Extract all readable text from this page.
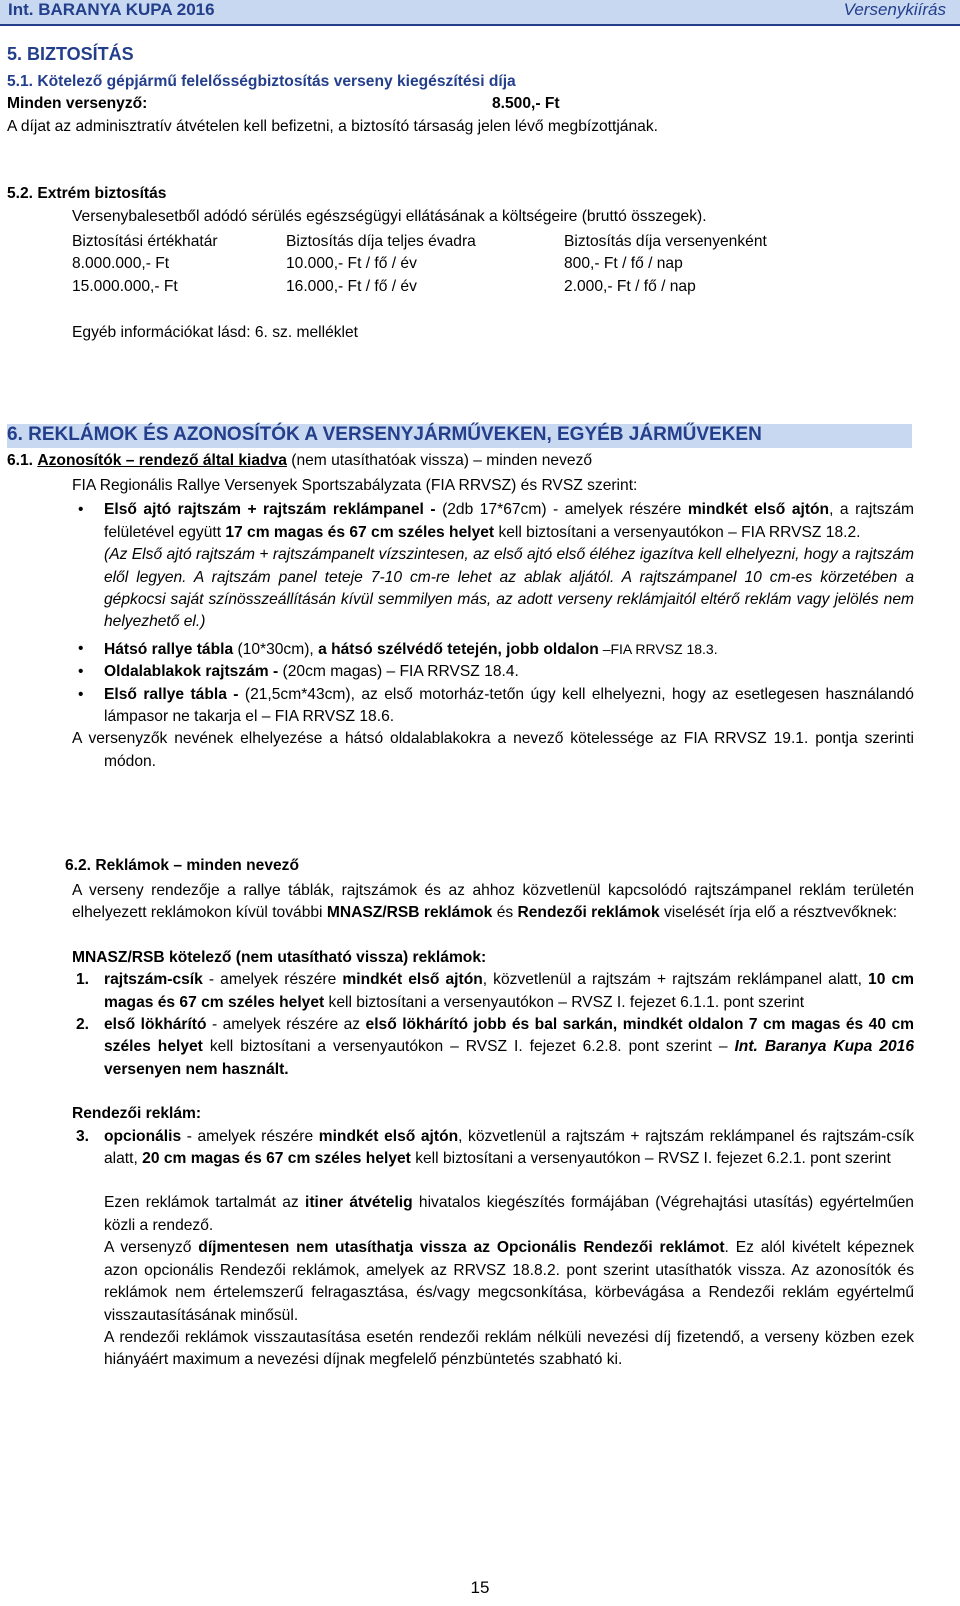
Int. BARANYA KUPA 2016	Versenykiírás
5. BIZTOSÍTÁS
5.1. Kötelező gépjármű felelősségbiztosítás verseny kiegészítési díja
Minden versenyző:	8.500,- Ft
A díjat az adminisztratív átvételen kell befizetni, a biztosító társaság jelen lévő megbízottjának.
5.2. Extrém biztosítás
Versenybalesetből adódó sérülés egészségügyi ellátásának a költségeire (bruttó összegek).
Biztosítási értékhatár	Biztosítás díja teljes évadra	Biztosítás díja versenyenként
8.000.000,- Ft	10.000,- Ft / fő / év	800,- Ft / fő / nap
15.000.000,- Ft	16.000,- Ft / fő / év	2.000,- Ft / fő / nap
Egyéb információkat lásd: 6. sz. melléklet
6. REKLÁMOK ÉS AZONOSÍTÓK A VERSENYJÁRMŰVEKEN, EGYÉB JÁRMŰVEKEN
6.1. Azonosítók – rendező által kiadva (nem utasíthatóak vissza) – minden nevező

FIA Regionális Rallye Versenyek Sportszabályzata (FIA RRVSZ) és RVSZ szerint:

• Első ajtó rajtszám + rajtszám reklámpanel - (2db 17*67cm) - amelyek részére mindkét első ajtón, a rajtszám felületével együtt 17 cm magas és 67 cm széles helyet kell biztosítani a versenyautókon – FIA RRVSZ 18.2.
(Az Első ajtó rajtszám + rajtszámpanelt vízszintesen, az első ajtó első éléhez igazítva kell elhelyezni, hogy a rajtszám elől legyen. A rajtszám panel teteje 7-10 cm-re lehet az ablak aljától. A rajtszámpanel 10 cm-es körzetében a gépkocsi saját színösszeállításán kívül semmilyen más, az adott verseny reklámjaitól eltérő reklám vagy jelölés nem helyezhető el.)
• Hátsó rallye tábla (10*30cm), a hátsó szélvédő tetején, jobb oldalon –FIA RRVSZ 18.3.
• Oldalablakok rajtszám - (20cm magas) – FIA RRVSZ 18.4.
• Első rallye tábla - (21,5cm*43cm), az első motorház-tetőn úgy kell elhelyezni, hogy az esetlegesen használandó lámpasor ne takarja el – FIA RRVSZ 18.6.

A versenyzők nevének elhelyezése a hátsó oldalablakokra a nevező kötelessége az FIA RRVSZ 19.1. pontja szerinti módon.

6.2. Reklámok – minden nevező

A verseny rendezője a rallye táblák, rajtszámok és az ahhoz közvetlenül kapcsolódó rajtszámpanel reklám területén elhelyezett reklámokon kívül további MNASZ/RSB reklámok és Rendezői reklámok viselését írja elő a résztvevőknek:

MNASZ/RSB kötelező (nem utasítható vissza) reklámok:

1. rajtszám-csík - amelyek részére mindkét első ajtón, közvetlenül a rajtszám + rajtszám reklámpanel alatt, 10 cm magas és 67 cm széles helyet kell biztosítani a versenyautókon – RVSZ I. fejezet 6.1.1. pont szerint
2. első lökhárító - amelyek részére az első lökhárító jobb és bal sarkán, mindkét oldalon 7 cm magas és 40 cm széles helyet kell biztosítani a versenyautókon – RVSZ I. fejezet 6.2.8. pont szerint – Int. Baranya Kupa 2016 versenyen nem használt.

Rendezői reklám:

3. opcionális - amelyek részére mindkét első ajtón, közvetlenül a rajtszám + rajtszám reklámpanel és rajtszám-csík alatt, 20 cm magas és 67 cm széles helyet kell biztosítani a versenyautókon – RVSZ I. fejezet 6.2.1. pont szerint

Ezen reklámok tartalmát az itiner átvételig hivatalos kiegészítés formájában (Végrehajtási utasítás) egyértelműen közli a rendező.

A versenyző díjmentesen nem utasíthatja vissza az Opcionális Rendezői reklámot. Ez alól kivételt képeznek azon opcionális Rendezői reklámok, amelyek az RRVSZ 18.8.2. pont szerint utasíthatók vissza. Az azonosítók és reklámok nem értelemszerű felragasztása, és/vagy megcsonkítása, körbevágása a Rendezői reklám egyértelmű visszautasításának minősül.

A rendezői reklámok visszautasítása esetén rendezői reklám nélküli nevezési díj fizetendő, a verseny közben ezek hiányáért maximum a nevezési díjnak megfelelő pénzbüntetés szabható ki.

15
